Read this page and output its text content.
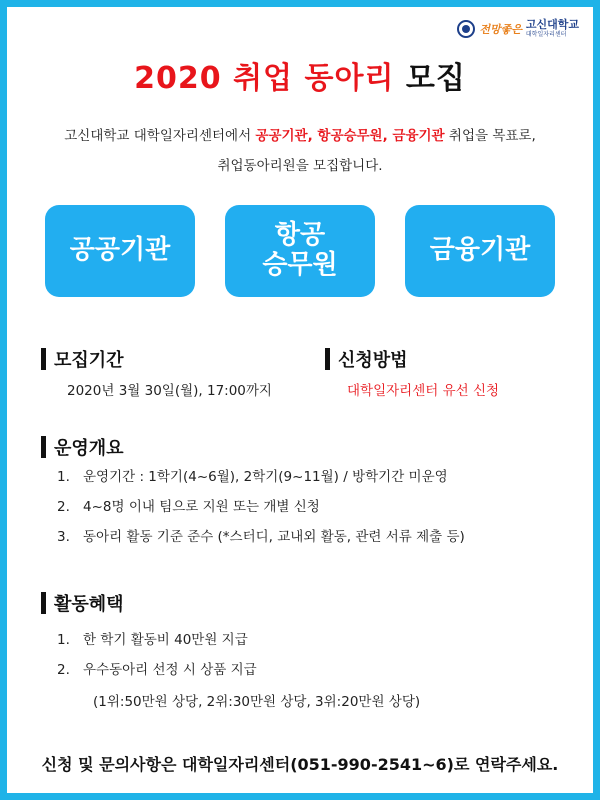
전망좋은 고신대학교
대학일자리센터
2020 취업 동아리 모집
고신대학교 대학일자리센터에서 공공기관, 항공승무원, 금융기관 취업을 목표로,
취업동아리원을 모집합니다.
공공기관	항공
승무원	금융기관
모집기간
2020년 3월 30일(월), 17:00까지
신청방법
대학일자리센터 유선 신청
운영개요
1. 운영기간 : 1학기(4~6월), 2학기(9~11월) / 방학기간 미운영
2. 4~8명 이내 팀으로 지원 또는 개별 신청
3. 동아리 활동 기준 준수 (*스터디, 교내외 활동, 관련 서류 제출 등)
활동혜택
1. 한 학기 활동비 40만원 지급
2. 우수동아리 선정 시 상품 지급
(1위:50만원 상당, 2위:30만원 상당, 3위:20만원 상당)
신청 및 문의사항은 대학일자리센터(051-990-2541~6)로 연락주세요.
